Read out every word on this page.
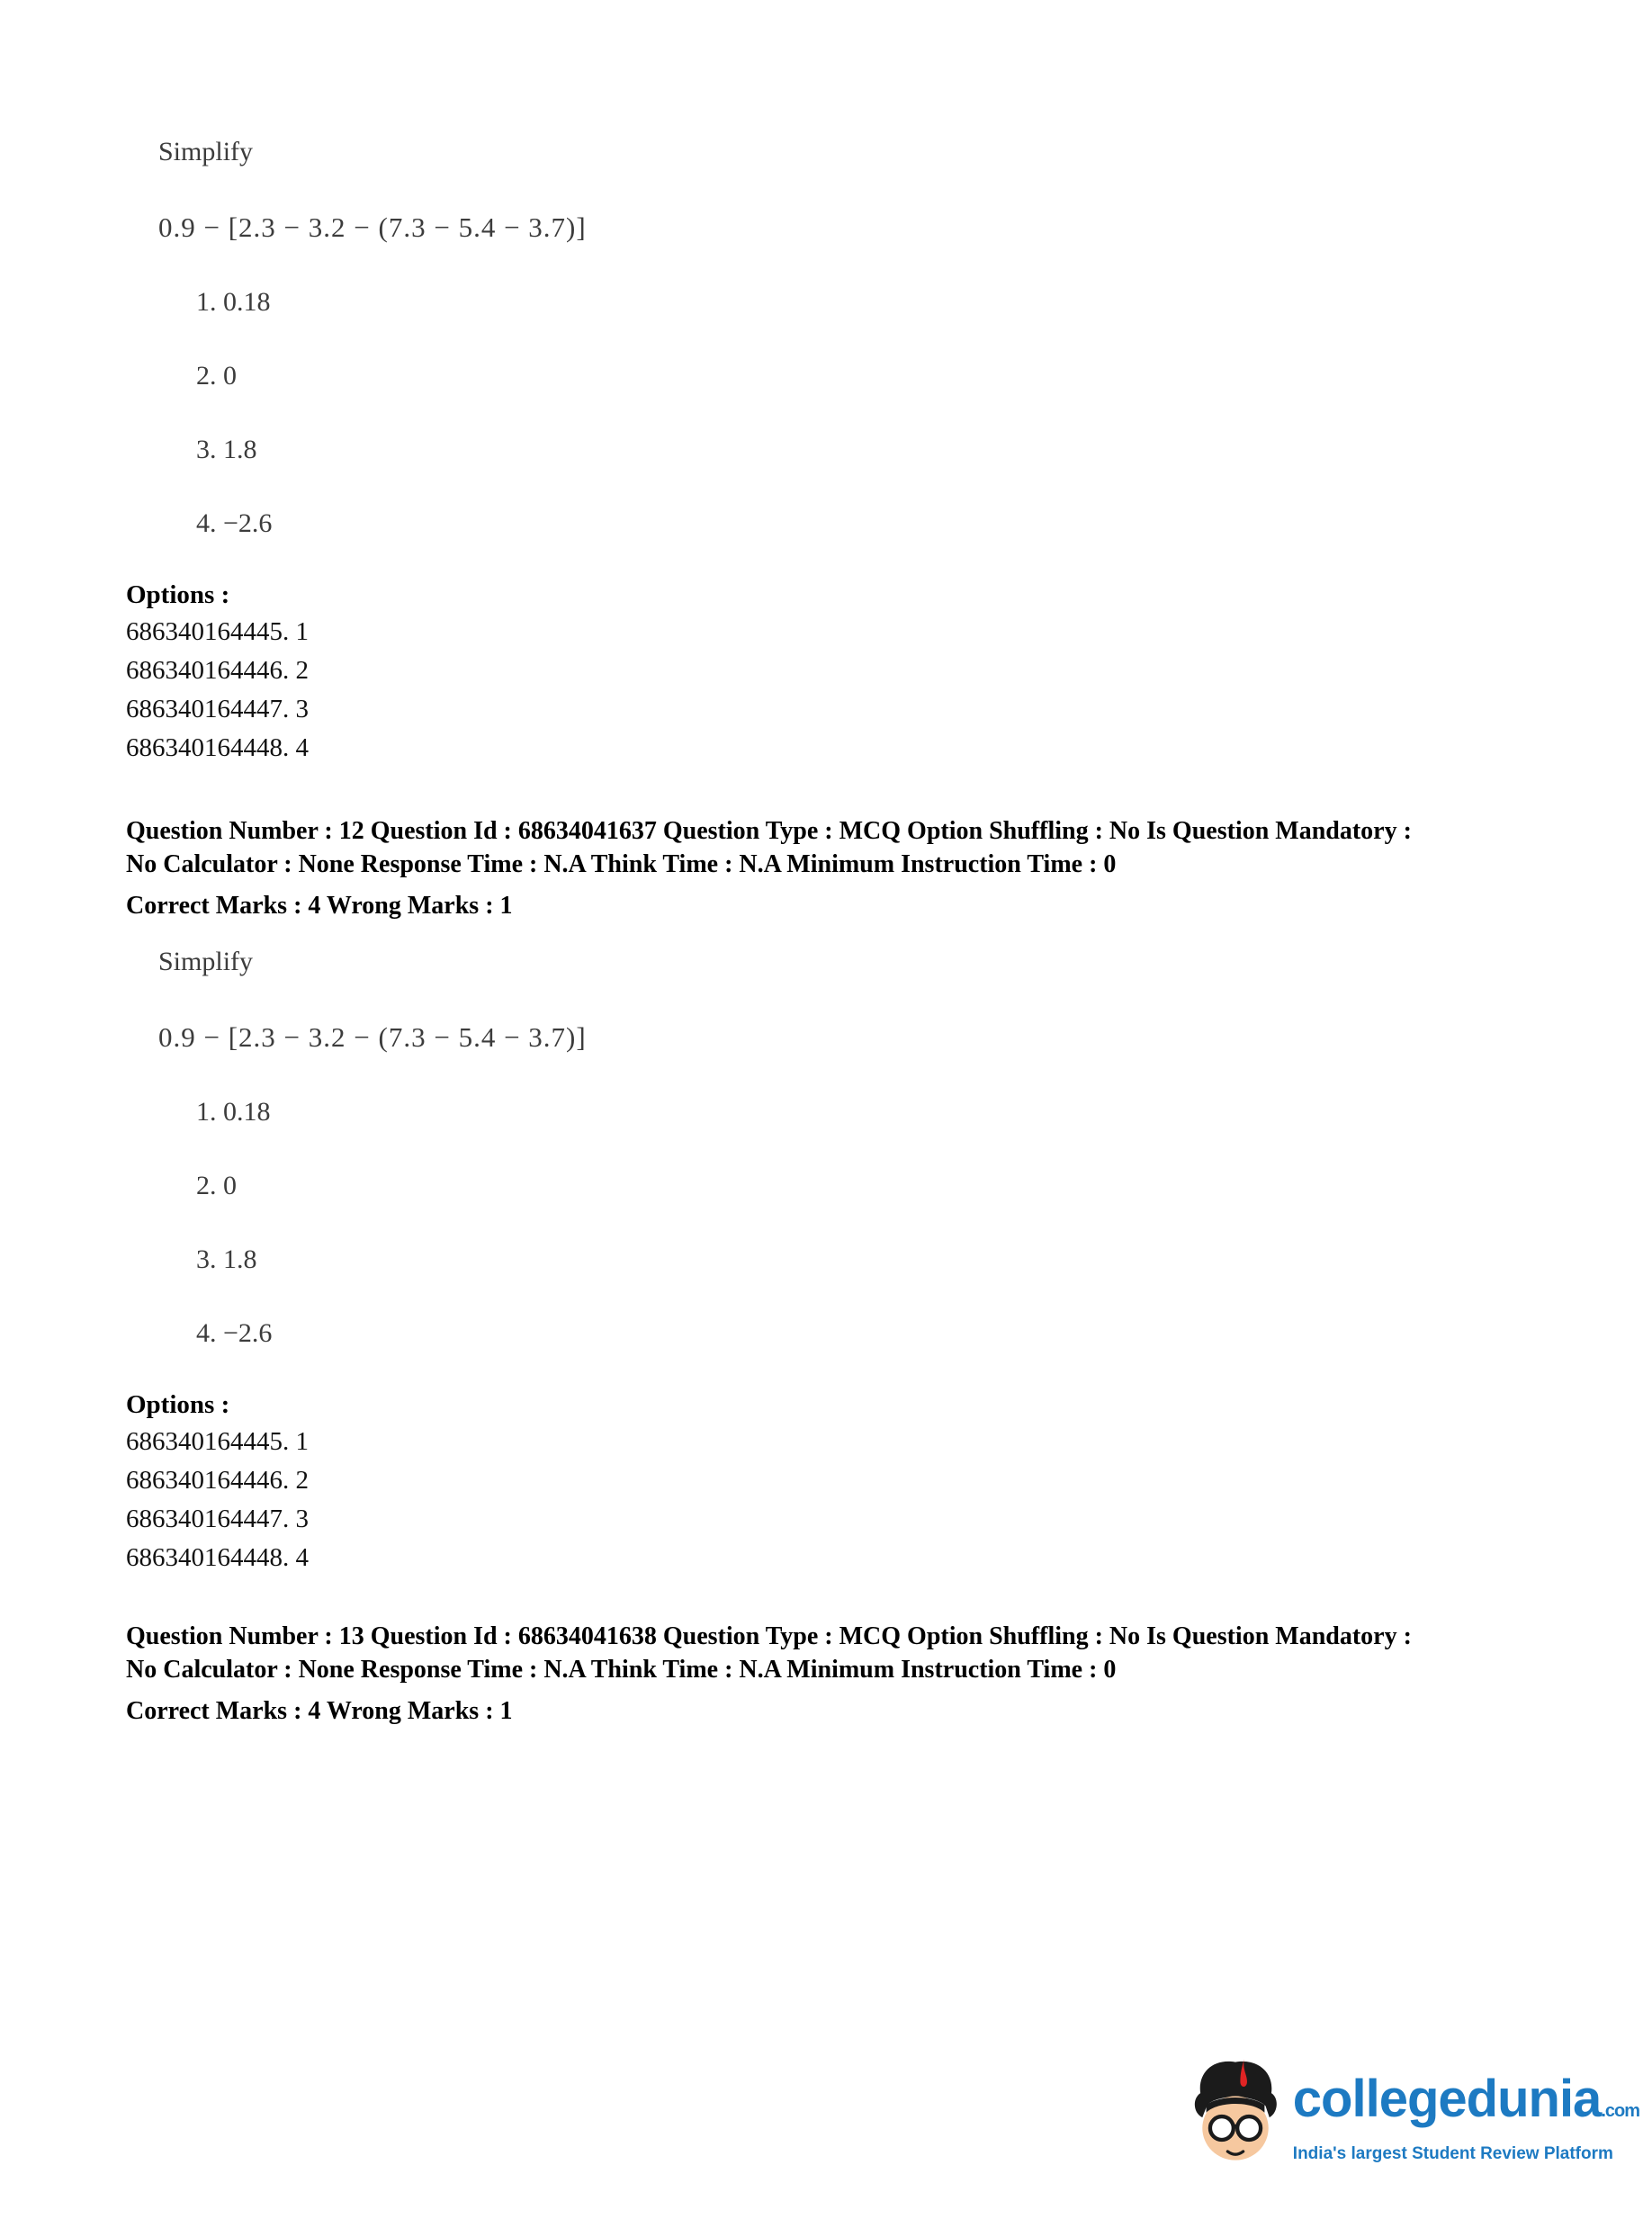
Simplify
0.9 − [2.3 − 3.2 − (7.3 − 5.4 − 3.7)]
1. 0.18
2. 0
3. 1.8
4. −2.6
Options :
686340164445. 1
686340164446. 2
686340164447. 3
686340164448. 4
Question Number : 12 Question Id : 68634041637 Question Type : MCQ Option Shuffling : No Is Question Mandatory :
No Calculator : None Response Time : N.A Think Time : N.A Minimum Instruction Time : 0
Correct Marks : 4 Wrong Marks : 1
Simplify
0.9 − [2.3 − 3.2 − (7.3 − 5.4 − 3.7)]
1. 0.18
2. 0
3. 1.8
4. −2.6
Options :
686340164445. 1
686340164446. 2
686340164447. 3
686340164448. 4
Question Number : 13 Question Id : 68634041638 Question Type : MCQ Option Shuffling : No Is Question Mandatory :
No Calculator : None Response Time : N.A Think Time : N.A Minimum Instruction Time : 0
Correct Marks : 4 Wrong Marks : 1
collegedunia.com
India's largest Student Review Platform
